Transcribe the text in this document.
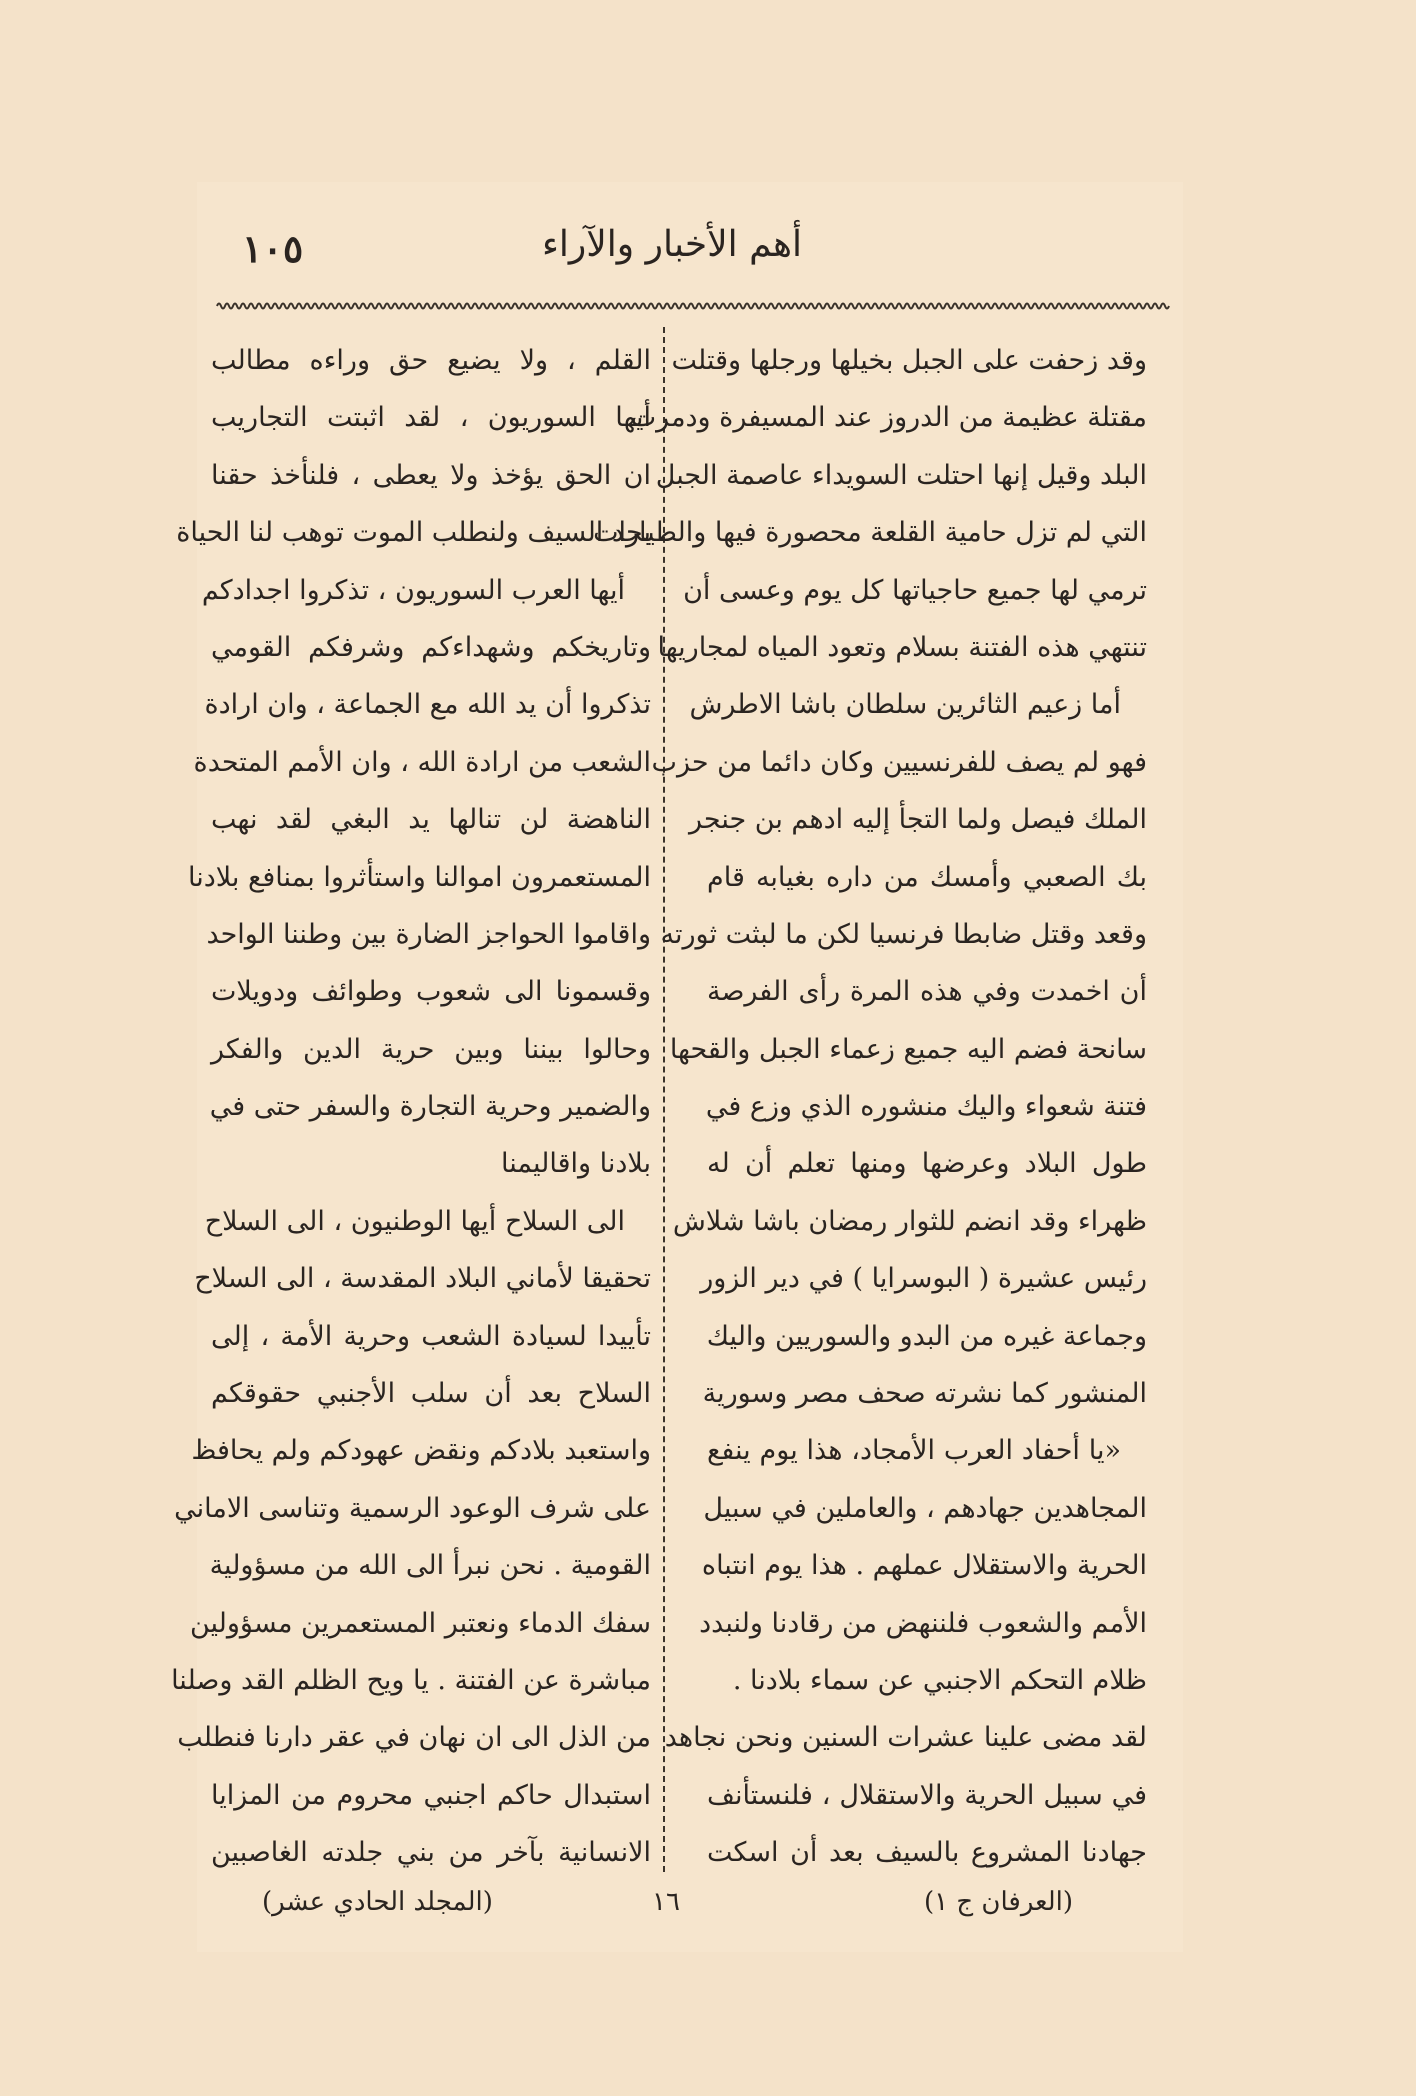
١٠٥	أهم الأخبار والآراء
وقد زحفت على الجبل بخيلها ورجلها وقتلت
مقتلة عظيمة من الدروز عند المسيفرة ودمرت
البلد وقيل إنها احتلت السويداء عاصمة الجبل
التي لم تزل حامية القلعة محصورة فيها والطيارات
ترمي لها جميع حاجياتها كل يوم وعسى أن
تنتهي هذه الفتنة بسلام وتعود المياه لمجاريها
أما زعيم الثائرين سلطان باشا الاطرش
فهو لم يصف للفرنسيين وكان دائما من حزب
الملك فيصل ولما التجأ إليه ادهم بن جنجر
بك الصعبي وأمسك من داره بغيابه قام
وقعد وقتل ضابطا فرنسيا لكن ما لبثت ثورته
أن اخمدت وفي هذه المرة رأى الفرصة
سانحة فضم اليه جميع زعماء الجبل والقحها
فتنة شعواء واليك منشوره الذي وزع في
طول البلاد وعرضها ومنها تعلم أن له
ظهراء وقد انضم للثوار رمضان باشا شلاش
رئيس عشيرة ( البوسرايا ) في دير الزور
وجماعة غيره من البدو والسوريين واليك
المنشور كما نشرته صحف مصر وسورية
«يا أحفاد العرب الأمجاد، هذا يوم ينفع
المجاهدين جهادهم ، والعاملين في سبيل
الحرية والاستقلال عملهم . هذا يوم انتباه
الأمم والشعوب فلننهض من رقادنا ولنبدد
ظلام التحكم الاجنبي عن سماء بلادنا .
لقد مضى علينا عشرات السنين ونحن نجاهد
في سبيل الحرية والاستقلال ، فلنستأنف
جهادنا المشروع بالسيف بعد أن اسكت
القلم ، ولا يضيع حق وراءه مطالب
أيها السوريون ، لقد اثبتت التجاريب
ان الحق يؤخذ ولا يعطى ، فلنأخذ حقنا
بحد السيف ولنطلب الموت توهب لنا الحياة
أيها العرب السوريون ، تذكروا اجدادكم
وتاريخكم وشهداءكم وشرفكم القومي
تذكروا أن يد الله مع الجماعة ، وان ارادة
الشعب من ارادة الله ، وان الأمم المتحدة
الناهضة لن تنالها يد البغي لقد نهب
المستعمرون اموالنا واستأثروا بمنافع بلادنا
واقاموا الحواجز الضارة بين وطننا الواحد
وقسمونا الى شعوب وطوائف ودويلات
وحالوا بيننا وبين حرية الدين والفكر
والضمير وحرية التجارة والسفر حتى في
بلادنا واقاليمنا
الى السلاح أيها الوطنيون ، الى السلاح
تحقيقا لأماني البلاد المقدسة ، الى السلاح
تأييدا لسيادة الشعب وحرية الأمة ، إلى
السلاح بعد أن سلب الأجنبي حقوقكم
واستعبد بلادكم ونقض عهودكم ولم يحافظ
على شرف الوعود الرسمية وتناسى الاماني
القومية . نحن نبرأ الى الله من مسؤولية
سفك الدماء ونعتبر المستعمرين مسؤولين
مباشرة عن الفتنة . يا ويح الظلم القد وصلنا
من الذل الى ان نهان في عقر دارنا فنطلب
استبدال حاكم اجنبي محروم من المزايا
الانسانية بآخر من بني جلدته الغاصبين
(المجلد الحادي عشر)	١٦	(العرفان ج ١)
